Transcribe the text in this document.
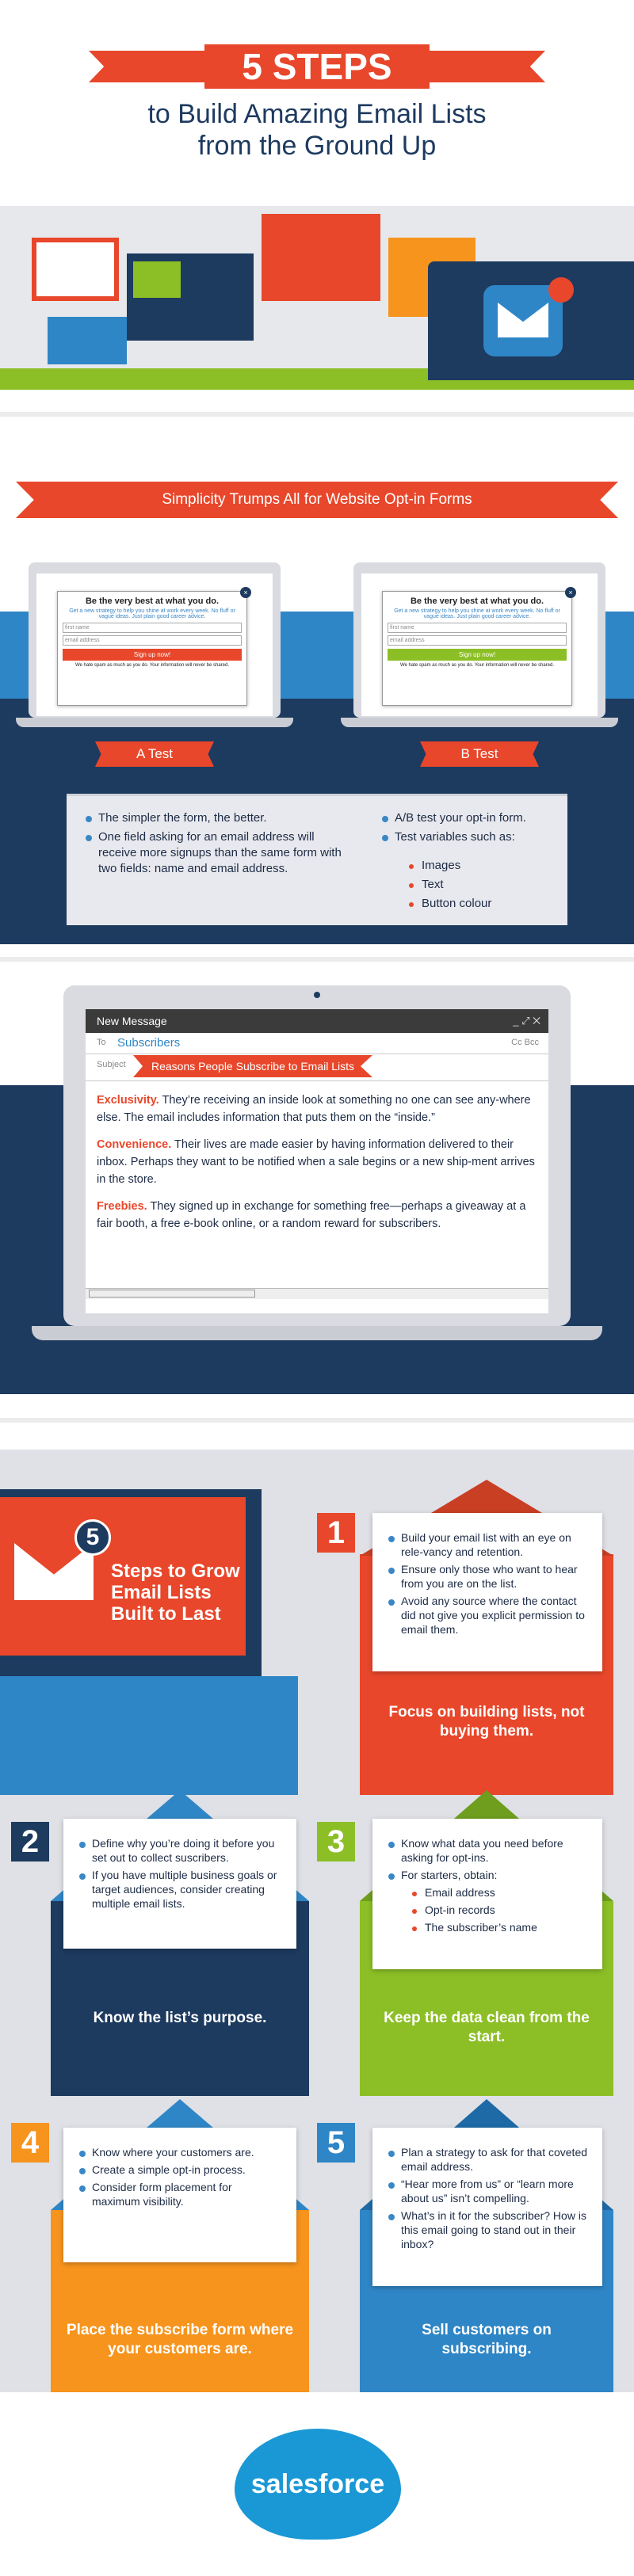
5 STEPS
to Build Amazing Email Lists
from the Ground Up
Simplicity Trumps All for Website Opt-in Forms
Be the very best at what you do.
Get a new strategy to help you shine at work every week. No fluff or vague ideas. Just plain good career advice.
first name
email address
Sign up now!
We hate spam as much as you do. Your information will never be shared.
×
A Test
Be the very best at what you do.
Get a new strategy to help you shine at work every week. No fluff or vague ideas. Just plain good career advice.
first name
email address
Sign up now!
We hate spam as much as you do. Your information will never be shared.
×
B Test
The simpler the form, the better.
One field asking for an email address will receive more signups than the same form with two fields: name and email address.
A/B test your opt-in form.
Test variables such as:
Images
Text
Button colour
New Message	_ ⤢ ✕
To Subscribers	Cc Bcc
Subject	Reasons People Subscribe to Email Lists

Exclusivity. They’re receiving an inside look at something no one can see any-where else. The email includes information that puts them on the “inside.”

Convenience. Their lives are made easier by having information delivered to their inbox. Perhaps they want to be notified when a sale begins or a new ship-ment arrives in the store.

Freebies. They signed up in exchange for something free—perhaps a giveaway at a fair booth, a free e-book online, or a random reward for subscribers.

5
Steps to Grow Email Lists Built to Last
1	Build your email list with an eye on rele-vancy and retention.
Ensure only those who want to hear from you are on the list.
Avoid any source where the contact did not give you explicit permission to email them.
Focus on building lists, not buying them.
2	Define why you’re doing it before you set out to collect suscribers.
If you have multiple business goals or target audiences, consider creating multiple email lists.
Know the list’s purpose.
3	Know what data you need before asking for opt-ins.
For starters, obtain:
Email address
Opt-in records
The subscriber’s name
Keep the data clean from the start.
4	Know where your customers are.
Create a simple opt-in process.
Consider form placement for maximum visibility.
Place the subscribe form where your customers are.
5	Plan a strategy to ask for that coveted email address.
“Hear more from us” or “learn more about us” isn’t compelling.
What’s in it for the subscriber? How is this email going to stand out in their inbox?
Sell customers on subscribing.
salesforce
